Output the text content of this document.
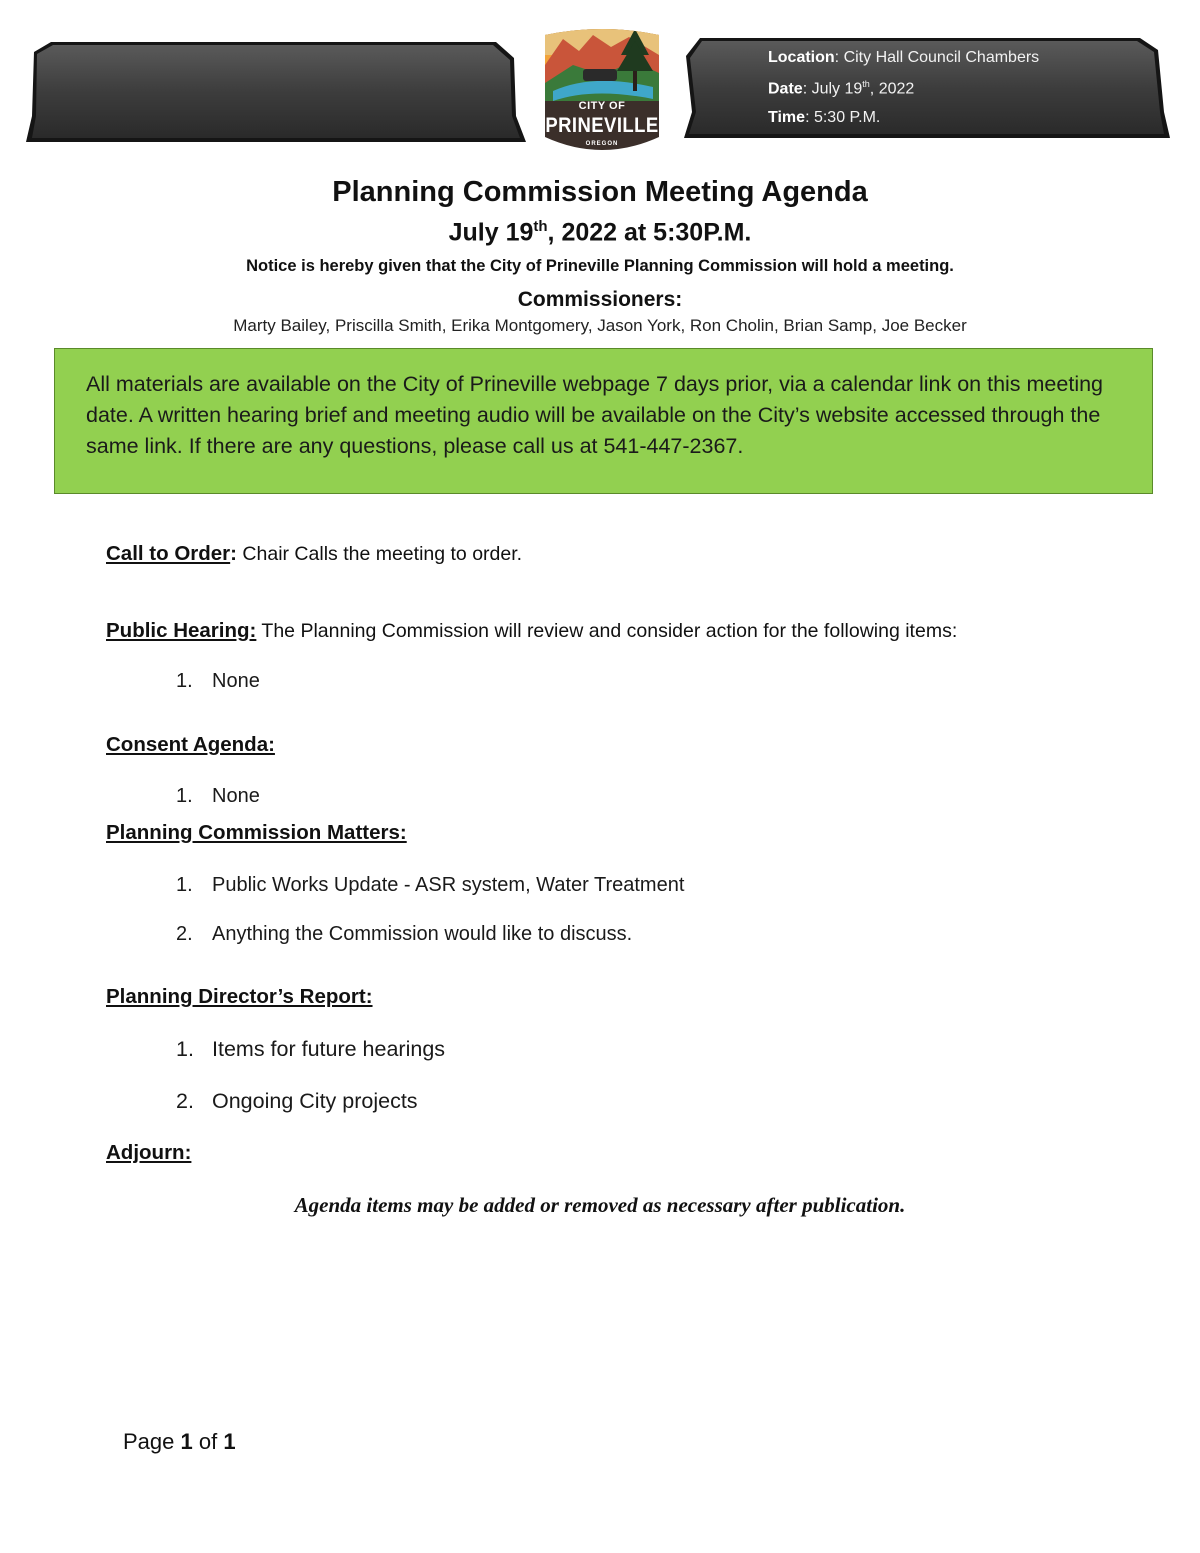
Location: City Hall Council Chambers
Date: July 19th, 2022
Time: 5:30 P.M.
CITY OF
PRINEVILLE
OREGON
Planning Commission Meeting Agenda
July 19th, 2022 at 5:30P.M.
Notice is hereby given that the City of Prineville Planning Commission will hold a meeting.
Commissioners:
Marty Bailey, Priscilla Smith, Erika Montgomery, Jason York, Ron Cholin, Brian Samp, Joe Becker
All materials are available on the City of Prineville webpage 7 days prior, via a calendar link on this meeting date. A written hearing brief and meeting audio will be available on the City’s website accessed through the same link. If there are any questions, please call us at 541-447-2367.
Call to Order: Chair Calls the meeting to order.
Public Hearing: The Planning Commission will review and consider action for the following items:
1. None
Consent Agenda:
1. None
Planning Commission Matters:
1. Public Works Update - ASR system, Water Treatment
2. Anything the Commission would like to discuss.
Planning Director’s Report:
1. Items for future hearings
2. Ongoing City projects
Adjourn:
Agenda items may be added or removed as necessary after publication.
Page 1 of 1
